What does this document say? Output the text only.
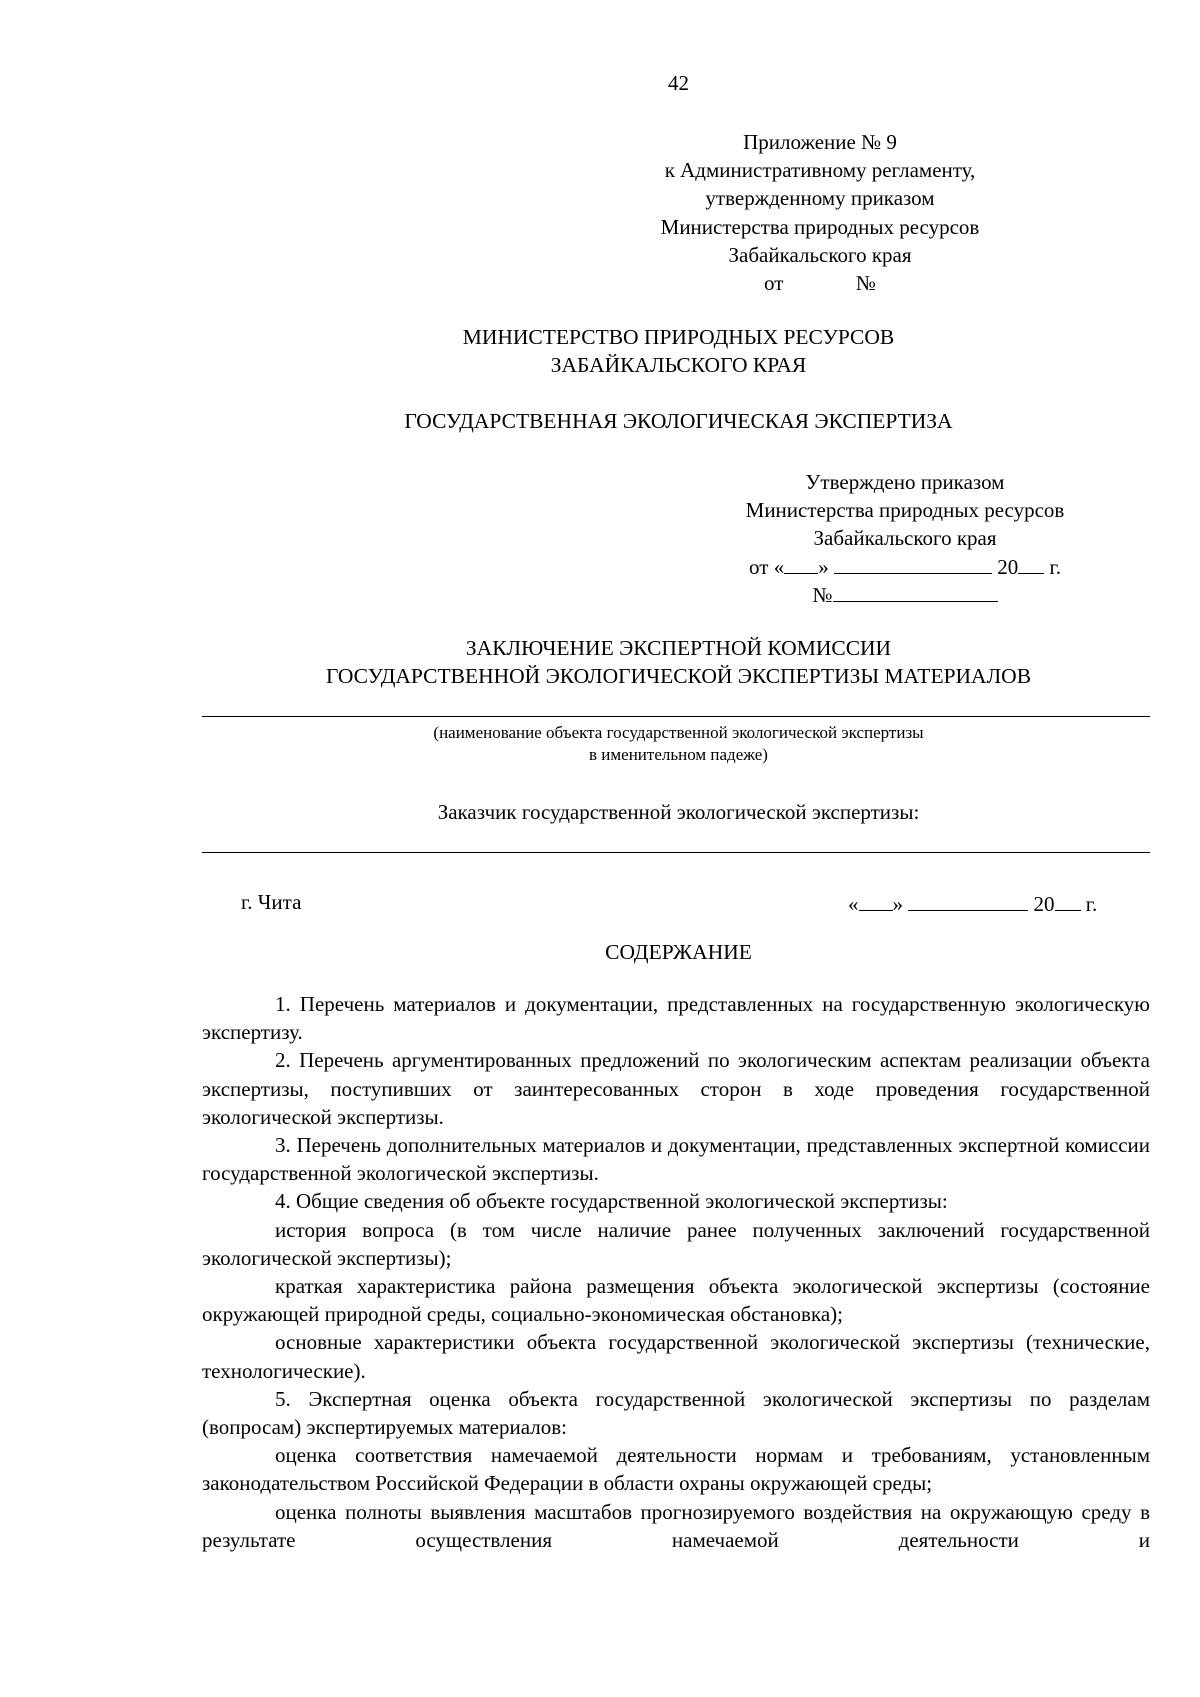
42
Приложение № 9
к Административному регламенту,
утвержденному приказом
Министерства природных ресурсов
Забайкальского края
от	№
МИНИСТЕРСТВО ПРИРОДНЫХ РЕСУРСОВ
ЗАБАЙКАЛЬСКОГО КРАЯ
ГОСУДАРСТВЕННАЯ ЭКОЛОГИЧЕСКАЯ ЭКСПЕРТИЗА
Утверждено приказом
Министерства природных ресурсов
Забайкальского края
от « »	20 г.
№
ЗАКЛЮЧЕНИЕ ЭКСПЕРТНОЙ КОМИССИИ
ГОСУДАРСТВЕННОЙ ЭКОЛОГИЧЕСКОЙ ЭКСПЕРТИЗЫ МАТЕРИАЛОВ
(наименование объекта государственной экологической экспертизы
в именительном падеже)
Заказчик государственной экологической экспертизы:
г. Чита	« »	20 г.
СОДЕРЖАНИЕ

1. Перечень материалов и документации, представленных на государственную экологическую экспертизу.

2. Перечень аргументированных предложений по экологическим аспектам реализации объекта экспертизы, поступивших от заинтересованных сторон в ходе проведения государственной экологической экспертизы.

3. Перечень дополнительных материалов и документации, представленных экспертной комиссии государственной экологической экспертизы.

4. Общие сведения об объекте государственной экологической экспертизы:

история вопроса (в том числе наличие ранее полученных заключений государственной экологической экспертизы);

краткая характеристика района размещения объекта экологической экспертизы (состояние окружающей природной среды, социально-экономическая обстановка);

основные характеристики объекта государственной экологической экспертизы (технические, технологические).

5. Экспертная оценка объекта государственной экологической экспертизы по разделам (вопросам) экспертируемых материалов:

оценка соответствия намечаемой деятельности нормам и требованиям, установленным законодательством Российской Федерации в области охраны окружающей среды;

оценка полноты выявления масштабов прогнозируемого воздействия на окружающую среду в результате осуществления намечаемой деятельности и
